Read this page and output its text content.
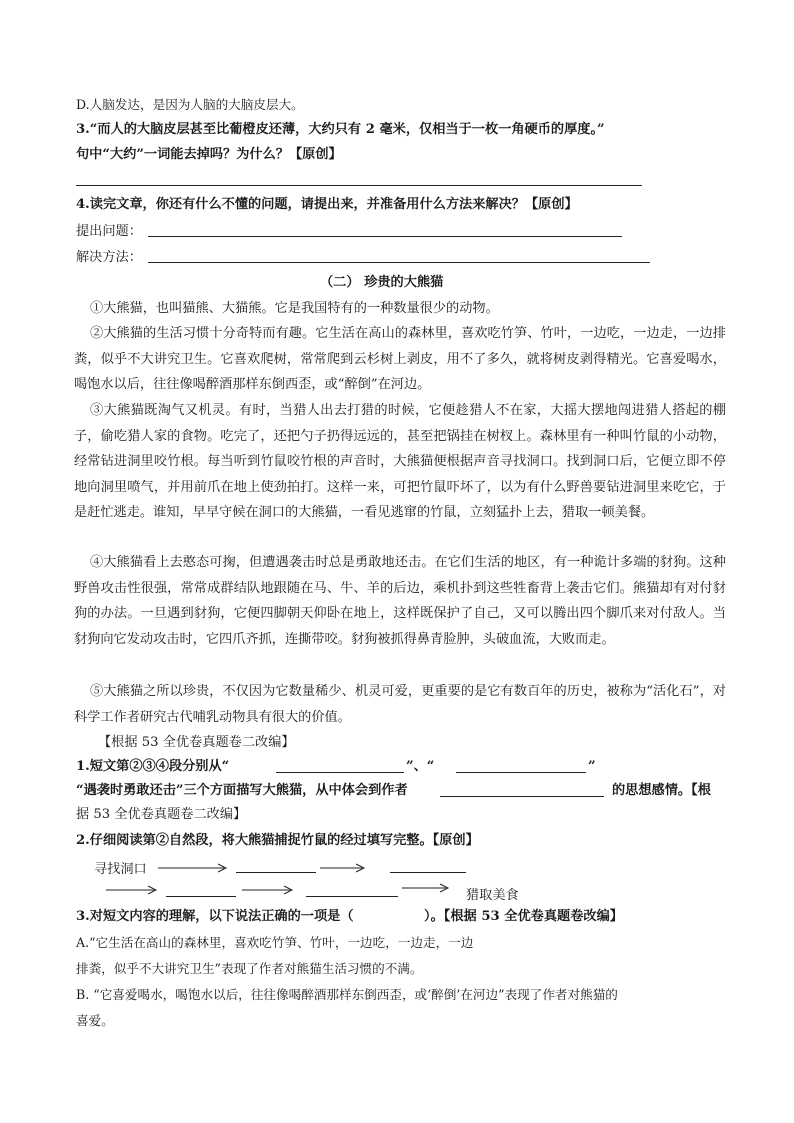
D.人脑发达，是因为人脑的大脑皮层大。
3.“而人的大脑皮层甚至比葡橙皮还薄，大约只有 2 毫米，仅相当于一枚一角硬币的厚度。”
句中“大约”一词能去掉吗？为什么？【原创】
4.读完文章，你还有什么不懂的问题，请提出来，并准备用什么方法来解决？【原创】
提出问题：
解决方法：
（二） 珍贵的大熊猫
①大熊猫，也叫猫熊、大猫熊。它是我国特有的一种数量很少的动物。
②大熊猫的生活习惯十分奇特而有趣。它生活在高山的森林里，喜欢吃竹笋、竹叶，一边吃，一边走，一边排粪，似乎不大讲究卫生。它喜欢爬树，常常爬到云杉树上剥皮，用不了多久，就将树皮剥得精光。它喜爱喝水，喝饱水以后，往往像喝醉酒那样东倒西歪，或“醉倒”在河边。
③大熊猫既淘气又机灵。有时，当猎人出去打猎的时候，它便趁猎人不在家，大摇大摆地闯进猎人搭起的棚子，偷吃猎人家的食物。吃完了，还把勺子扔得远远的，甚至把锅挂在树杈上。森林里有一种叫竹鼠的小动物，经常钻进洞里咬竹根。每当听到竹鼠咬竹根的声音时，大熊猫便根据声音寻找洞口。找到洞口后，它便立即不停地向洞里喷气，并用前爪在地上使劲拍打。这样一来，可把竹鼠吓坏了，以为有什么野兽要钻进洞里来吃它，于是赶忙逃走。谁知，早早守候在洞口的大熊猫，一看见逃窜的竹鼠，立刻猛扑上去，猎取一顿美餐。
④大熊猫看上去憨态可掬，但遭遇袭击时总是勇敢地还击。在它们生活的地区，有一种诡计多端的豺狗。这种野兽攻击性很强，常常成群结队地跟随在马、牛、羊的后边，乘机扑到这些牲畜背上袭击它们。熊猫却有对付豺狗的办法。一旦遇到豺狗，它便四脚朝天仰卧在地上，这样既保护了自己，又可以腾出四个脚爪来对付敌人。当豺狗向它发动攻击时，它四爪齐抓，连撕带咬。豺狗被抓得鼻青脸肿，头破血流，大败而走。
⑤大熊猫之所以珍贵，不仅因为它数量稀少、机灵可爱，更重要的是它有数百年的历史，被称为“活化石”，对科学工作者研究古代哺乳动物具有很大的价值。
【根据 53 全优卷真题卷二改编】
1.短文第②③④段分别从“	”、“	”
“遇袭时勇敢还击”三个方面描写大熊猫，从中体会到作者	的思想感情。【根
据 53 全优卷真题卷二改编】
2.仔细阅读第②自然段，将大熊猫捕捉竹鼠的经过填写完整。【原创】
寻找洞口
猎取美食
3.对短文内容的理解，以下说法正确的一项是（	）。【根据 53 全优卷真题卷改编】
A.“它生活在高山的森林里，喜欢吃竹笋、竹叶，一边吃，一边走，一边
排粪，似乎不大讲究卫生”表现了作者对熊猫生活习惯的不满。
B. “它喜爱喝水，喝饱水以后，往往像喝醉酒那样东倒西歪，或‘醉倒’在河边”表现了作者对熊猫的
喜爱。
